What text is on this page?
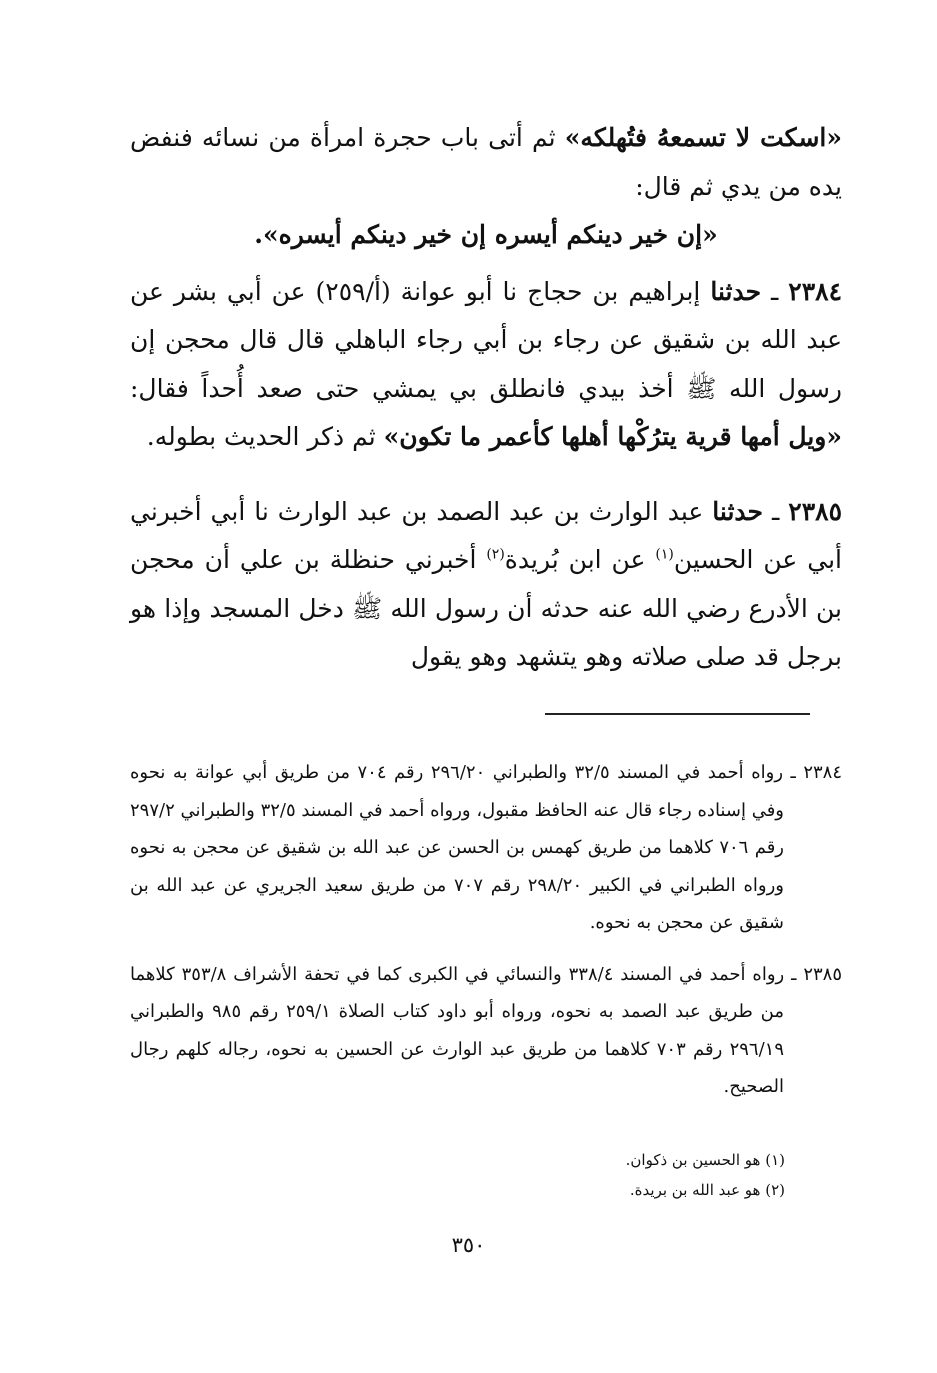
«اسكت لا تسمعهُ فتُهلكه» ثم أتى باب حجرة امرأة من نسائه فنفض يده من يدي ثم قال:

«إن خير دينكم أيسره إن خير دينكم أيسره».

٢٣٨٤ ـ حدثنا إبراهيم بن حجاج نا أبو عوانة (أ/٢٥٩) عن أبي بشر عن عبد الله بن شقيق عن رجاء بن أبي رجاء الباهلي قال قال محجن إن رسول الله ﷺ أخذ بيدي فانطلق بي يمشي حتى صعد أُحداً فقال: «ويل أمها قرية يترُكْها أهلها كأعمر ما تكون» ثم ذكر الحديث بطوله.

٢٣٨٥ ـ حدثنا عبد الوارث بن عبد الصمد بن عبد الوارث نا أبي أخبرني أبي عن الحسين$^{(١)}$ عن ابن بُريدة$^{(٢)}$ أخبرني حنظلة بن علي أن محجن بن الأدرع رضي الله عنه حدثه أن رسول الله ﷺ دخل المسجد وإذا هو برجل قد صلى صلاته وهو يتشهد وهو يقول

٢٣٨٤ ـ رواه أحمد في المسند ٣٢/٥ والطبراني ٢٩٦/٢٠ رقم ٧٠٤ من طريق أبي عوانة به نحوه وفي إسناده رجاء قال عنه الحافظ مقبول، ورواه أحمد في المسند ٣٢/٥ والطبراني ٢٩٧/٢ رقم ٧٠٦ كلاهما من طريق كهمس بن الحسن عن عبد الله بن شقيق عن محجن به نحوه ورواه الطبراني في الكبير ٢٩٨/٢٠ رقم ٧٠٧ من طريق سعيد الجريري عن عبد الله بن شقيق عن محجن به نحوه.

٢٣٨٥ ـ رواه أحمد في المسند ٣٣٨/٤ والنسائي في الكبرى كما في تحفة الأشراف ٣٥٣/٨ كلاهما من طريق عبد الصمد به نحوه، ورواه أبو داود كتاب الصلاة ٢٥٩/١ رقم ٩٨٥ والطبراني ٢٩٦/١٩ رقم ٧٠٣ كلاهما من طريق عبد الوارث عن الحسين به نحوه، رجاله كلهم رجال الصحيح.

(١) هو الحسين بن ذكوان.

(٢) هو عبد الله بن بريدة.

٣٥٠
